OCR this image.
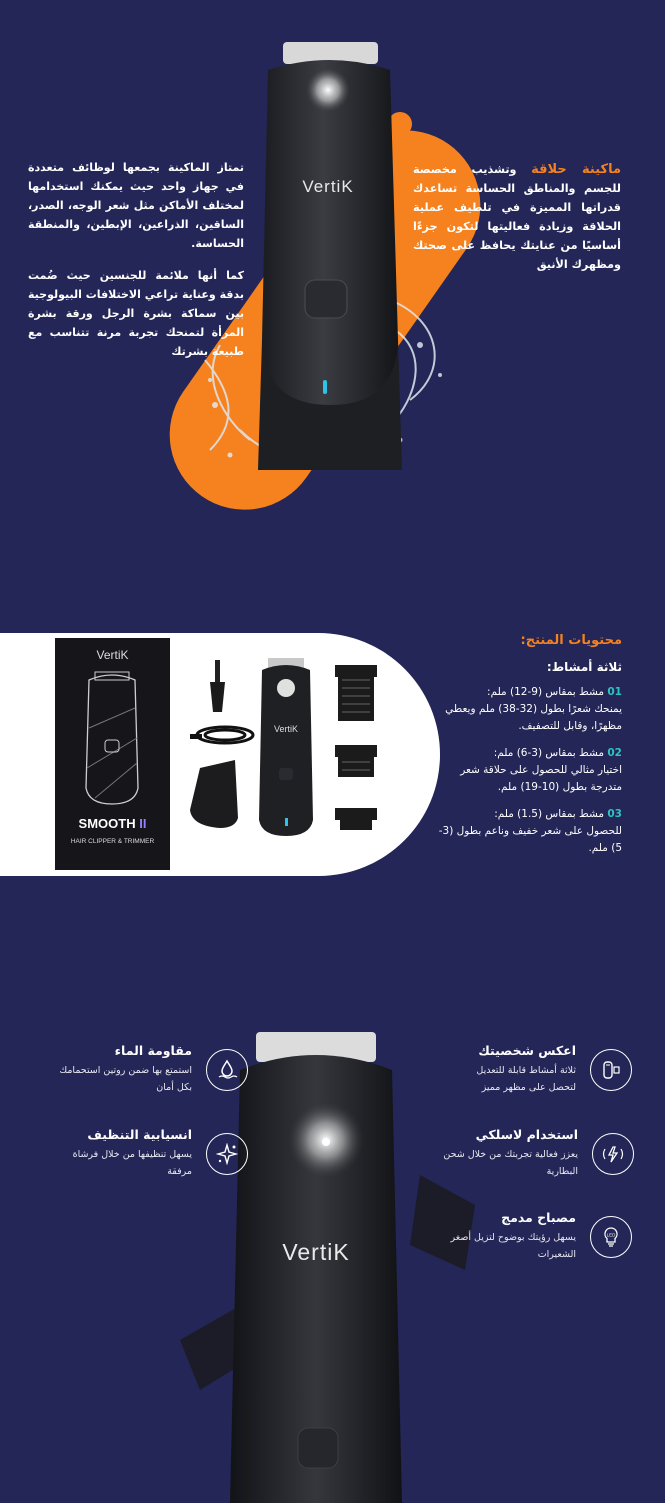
VertiK
ماكينة حلاقة وتشذيب مخصصة للجسم والمناطق الحساسة تساعدك قدراتها المميزة في تلطيف عملية الحلاقة وزيادة فعاليتها لتكون جزءًا أساسيًا من عنايتك يحافظ على صحتك ومظهرك الأنيق
تمتاز الماكينة بجمعها لوظائف متعددة في جهاز واحد حيث يمكنك استخدامها لمختلف الأماكن مثل شعر الوجه، الصدر، الساقين، الذراعين، الإبطين، والمنطقة الحساسة.
كما أنها ملائمة للجنسين حيث ضُمت بدقة وعناية تراعي الاختلافات البيولوجية بين سماكة بشرة الرجل ورقة بشرة المرأة لتمنحك تجربة مرنة تتناسب مع طبيعة بشرتك
VertiK
SMOOTH II
HAIR CLIPPER & TRIMMER
VertiK

محتويات المنتج:

ثلاثة أمشاط:
01 مشط بمقاس (9-12) ملم:
يمنحك شعرًا بطول (32-38) ملم ويعطي مظهرًا، وقابل للتصفيف.
02 مشط بمقاس (3-6) ملم:
اختيار مثالي للحصول على حلاقة شعر متدرجة بطول (10-19) ملم.
03 مشط بمقاس (1.5) ملم:
للحصول على شعر خفيف وناعم بطول (3-5) ملم.
VertiK
مقاومة الماء
استمتع بها ضمن روتين استحمامك بكل أمان
انسيابية التنظيف
يسهل تنظيفها من خلال فرشاة مرفقة
اعكس شخصيتك
ثلاثة أمشاط قابلة للتعديل لتحصل على مظهر مميز
استخدام لاسلكي
يعزز فعالية تجربتك من خلال شحن البطارية
مصباح مدمج
يسهل رؤيتك بوضوح لتزيل أصغر الشعيرات
LED
